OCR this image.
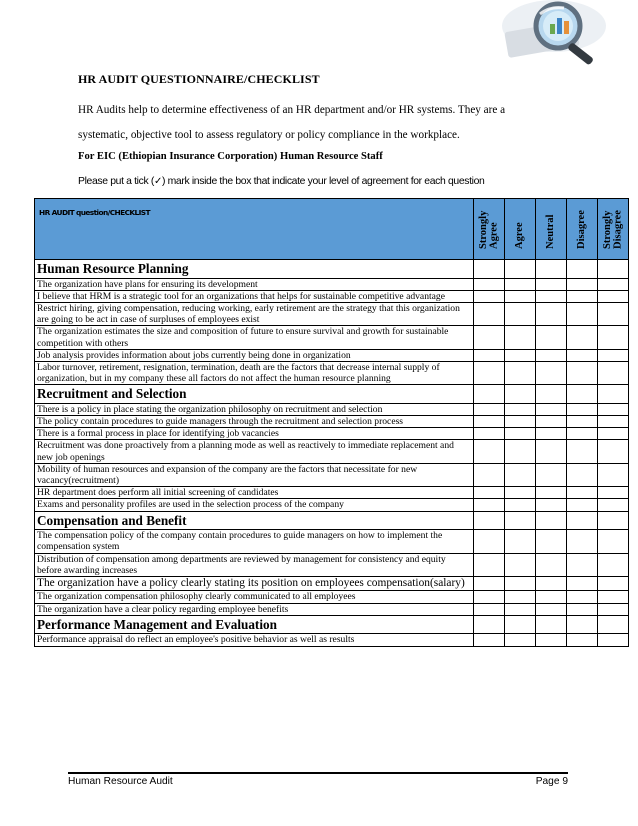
HR AUDIT QUESTIONNAIRE/CHECKLIST
HR Audits help to determine effectiveness of an HR department and/or HR systems. They are a
systematic, objective tool to assess regulatory or policy compliance in the workplace.
For EIC (Ethiopian Insurance Corporation) Human Resource Staff
Please put a tick (✓) mark inside the box that indicate your level of agreement for each question
HR AUDIT question/CHECKLIST	Strongly Agree	Agree	Neutral	Disagree	Strongly Disagree

Human Resource Planning					
The organization have plans for ensuring its development					
I believe that HRM is a strategic tool for an organizations that helps for sustainable competitive advantage					
Restrict hiring, giving compensation, reducing working, early retirement are the strategy that this organization are going to be act in case of surpluses of employees exist					
The organization estimates the size and composition of future to ensure survival and growth for sustainable competition with others					
Job analysis provides information about jobs currently being done in organization					
Labor turnover, retirement, resignation, termination, death are the factors that decrease internal supply of organization, but in my company these all factors do not affect the human resource planning					
Recruitment and Selection					
There is a policy in place stating the organization philosophy on recruitment and selection					
The policy contain procedures to guide managers through the recruitment and selection process					
There is a formal process in place for identifying job vacancies					
Recruitment was done proactively from a planning mode as well as reactively to immediate replacement and new job openings					
Mobility of human resources and expansion of the company are the factors that necessitate for new vacancy(recruitment)					
HR department does perform all initial screening of candidates					
Exams and personality profiles are used in the selection process of the company					
Compensation and Benefit					
The compensation policy of the company contain procedures to guide managers on how to implement the compensation system					
Distribution of compensation among departments are reviewed by management for consistency and equity before awarding increases					
The organization have a policy clearly stating its position on employees compensation(salary)					
The organization compensation philosophy clearly communicated to all employees					
The organization have a clear policy regarding employee benefits					
Performance Management and Evaluation					
Performance appraisal do reflect an employee's positive behavior as well as results					
Human Resource Audit	Page 9
